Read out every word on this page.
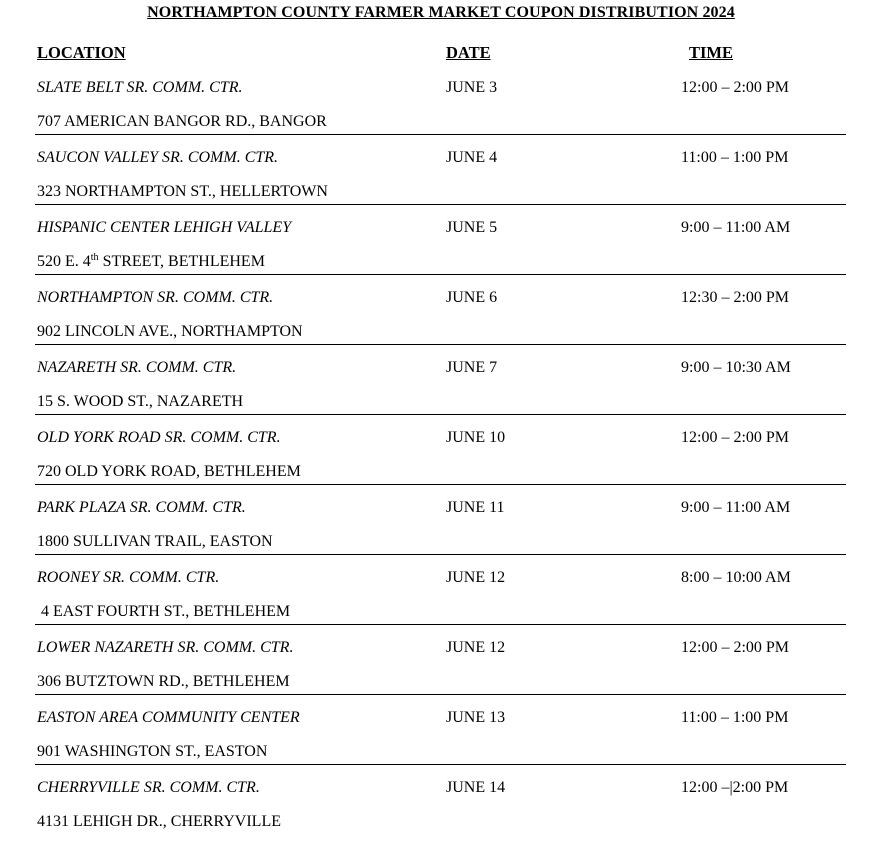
NORTHAMPTON COUNTY FARMER MARKET COUPON DISTRIBUTION 2024
LOCATION	DATE	TIME
SLATE BELT SR. COMM. CTR.	JUNE 3	12:00 – 2:00 PM
707 AMERICAN BANGOR RD., BANGOR
SAUCON VALLEY SR. COMM. CTR.	JUNE 4	11:00 – 1:00 PM
323 NORTHAMPTON ST., HELLERTOWN
HISPANIC CENTER LEHIGH VALLEY	JUNE 5	9:00 – 11:00 AM
520 E. 4th STREET, BETHLEHEM
NORTHAMPTON SR. COMM. CTR.	JUNE 6	12:30 – 2:00 PM
902 LINCOLN AVE., NORTHAMPTON
NAZARETH SR. COMM. CTR.	JUNE 7	9:00 – 10:30 AM
15 S. WOOD ST., NAZARETH
OLD YORK ROAD SR. COMM. CTR.	JUNE 10	12:00 – 2:00 PM
720 OLD YORK ROAD, BETHLEHEM
PARK PLAZA SR. COMM. CTR.	JUNE 11	9:00 – 11:00 AM
1800 SULLIVAN TRAIL, EASTON
ROONEY SR. COMM. CTR.	JUNE 12	8:00 – 10:00 AM
4 EAST FOURTH ST., BETHLEHEM
LOWER NAZARETH SR. COMM. CTR.	JUNE 12	12:00 – 2:00 PM
306 BUTZTOWN RD., BETHLEHEM
EASTON AREA COMMUNITY CENTER	JUNE 13	11:00 – 1:00 PM
901 WASHINGTON ST., EASTON
CHERRYVILLE SR. COMM. CTR.	JUNE 14	12:00 –|2:00 PM
4131 LEHIGH DR., CHERRYVILLE
